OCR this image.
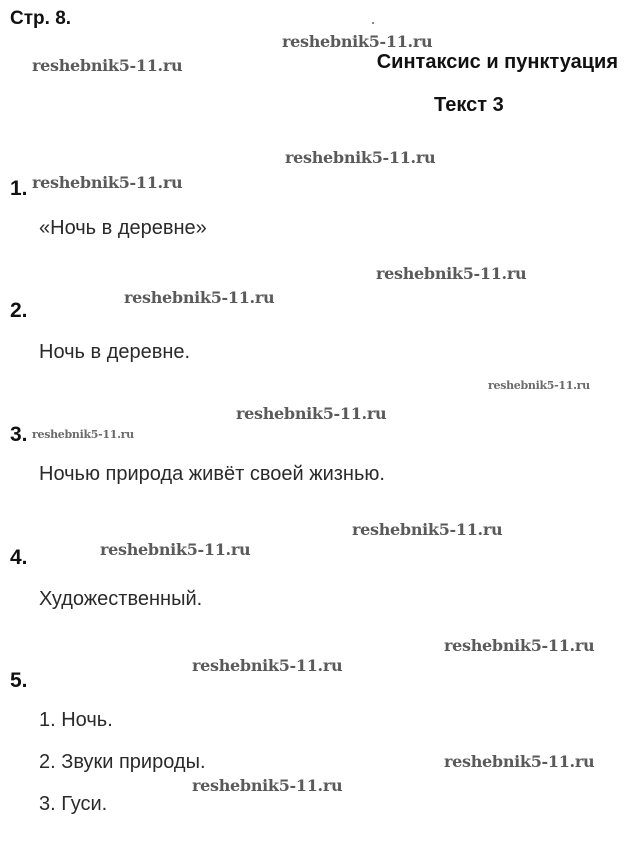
Стр. 8.
Синтаксис и пунктуация
Текст 3
reshebnik5-11.ru
reshebnik5-11.ru
reshebnik5-11.ru
reshebnik5-11.ru
reshebnik5-11.ru
reshebnik5-11.ru
reshebnik5-11.ru
reshebnik5-11.ru
reshebnik5-11.ru
reshebnik5-11.ru
reshebnik5-11.ru
reshebnik5-11.ru
reshebnik5-11.ru
reshebnik5-11.ru
reshebnik5-11.ru
1.
«Ночь в деревне»
2.
Ночь в деревне.
3.
Ночью природа живёт своей жизнью.
4.
Художественный.
5.
1. Ночь.
2. Звуки природы.
3. Гуси.
